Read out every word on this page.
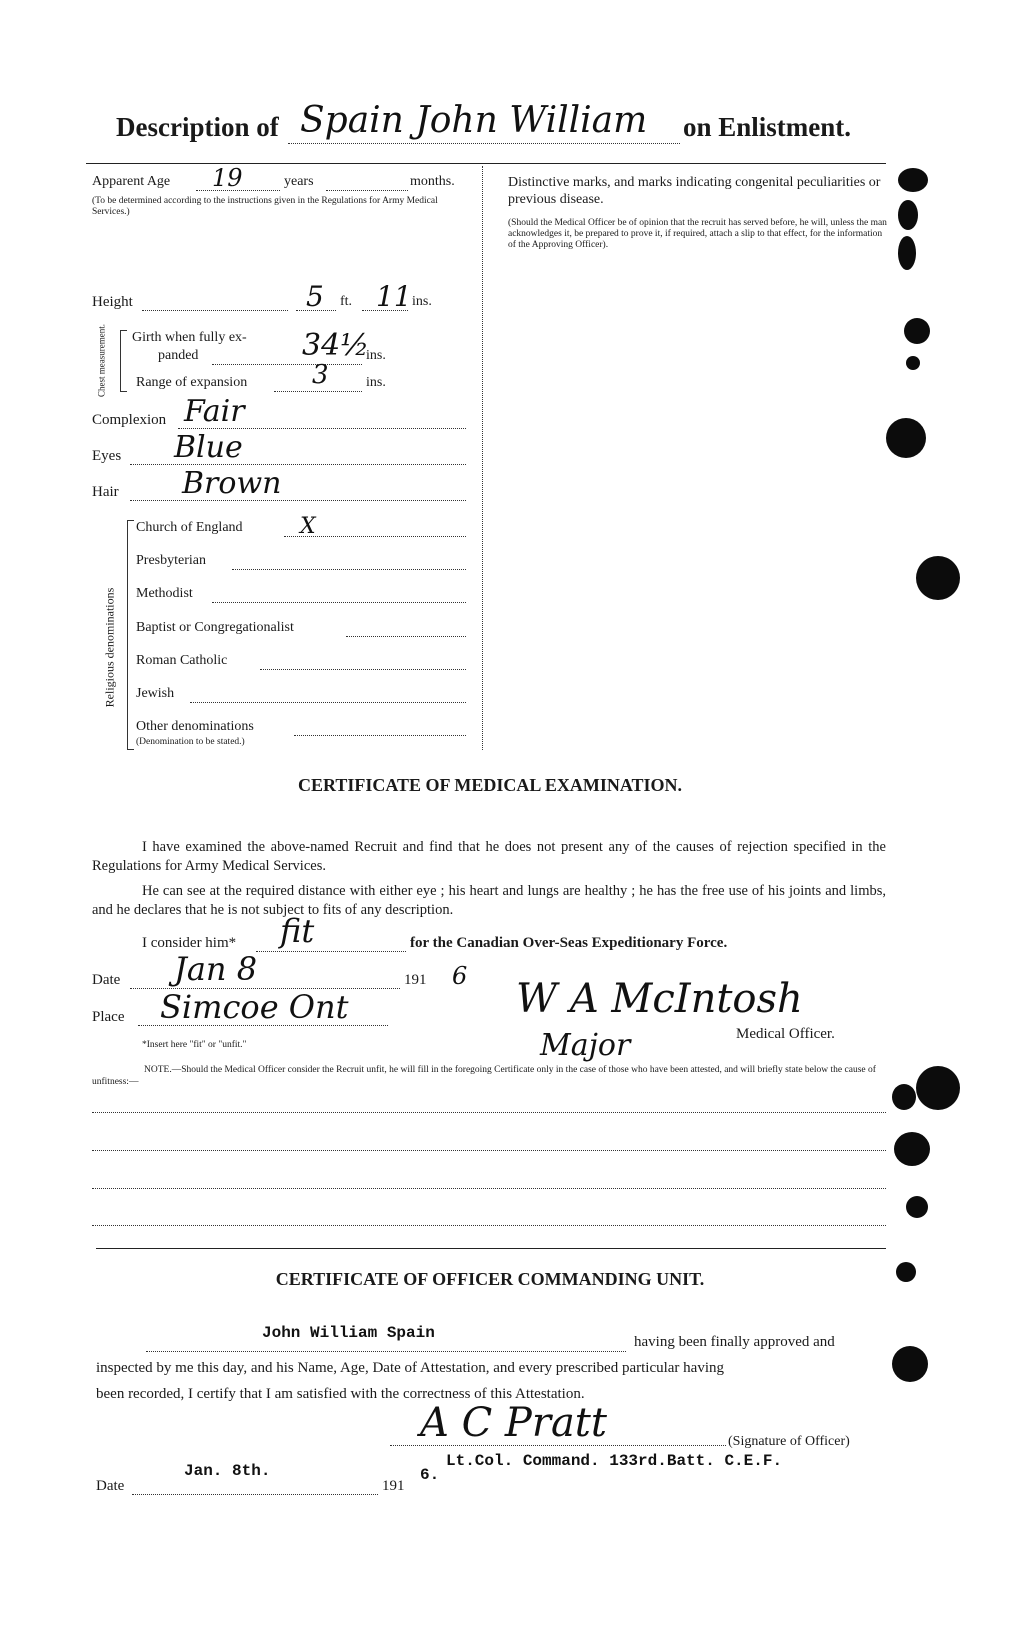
Description of Spain John William on Enlistment.
Apparent Age 19	years	months.
(To be determined according to the instructions given in the Regulations for Army Medical Services.)
Height	5 ft. 11 ins.
Chest measurement. Girth when fully ex-
panded	34½
ins.
Range of expansion 3	ins.
Complexion Fair
Eyes Blue
Hair Brown
Religious denominations
Church of England	X
Presbyterian
Methodist
Baptist or Congregationalist
Roman Catholic
Jewish
Other denominations
(Denomination to be stated.)
Distinctive marks, and marks indicating congenital peculiarities or previous disease.
(Should the Medical Officer be of opinion that the recruit has served before, he will, unless the man acknowledges it, be prepared to prove it, if required, attach a slip to that effect, for the information of the Approving Officer).
CERTIFICATE OF MEDICAL EXAMINATION.
I have examined the above-named Recruit and find that he does not present any of the causes of rejection specified in the Regulations for Army Medical Services.
He can see at the required distance with either eye ; his heart and lungs are healthy ; he has the free use of his joints and limbs, and he declares that he is not subject to fits of any description.
I consider him* fit	for the Canadian Over-Seas Expeditionary Force.
Date Jan 8	191 6
Place Simcoe Ont	W A McIntosh
Medical Officer.
Major
*Insert here "fit" or "unfit."
NOTE.—Should the Medical Officer consider the Recruit unfit, he will fill in the foregoing Certificate only in the case of those who have been attested, and will briefly state below the cause of unfitness:—
CERTIFICATE OF OFFICER COMMANDING UNIT.
John William Spain	having been finally approved and
inspected by me this day, and his Name, Age, Date of Attestation, and every prescribed particular having
been recorded, I certify that I am satisfied with the correctness of this Attestation.
A C Pratt	(Signature of Officer)
Date
Jan. 8th.
191
6.
Lt.Col. Command. 133rd.Batt. C.E.F.
